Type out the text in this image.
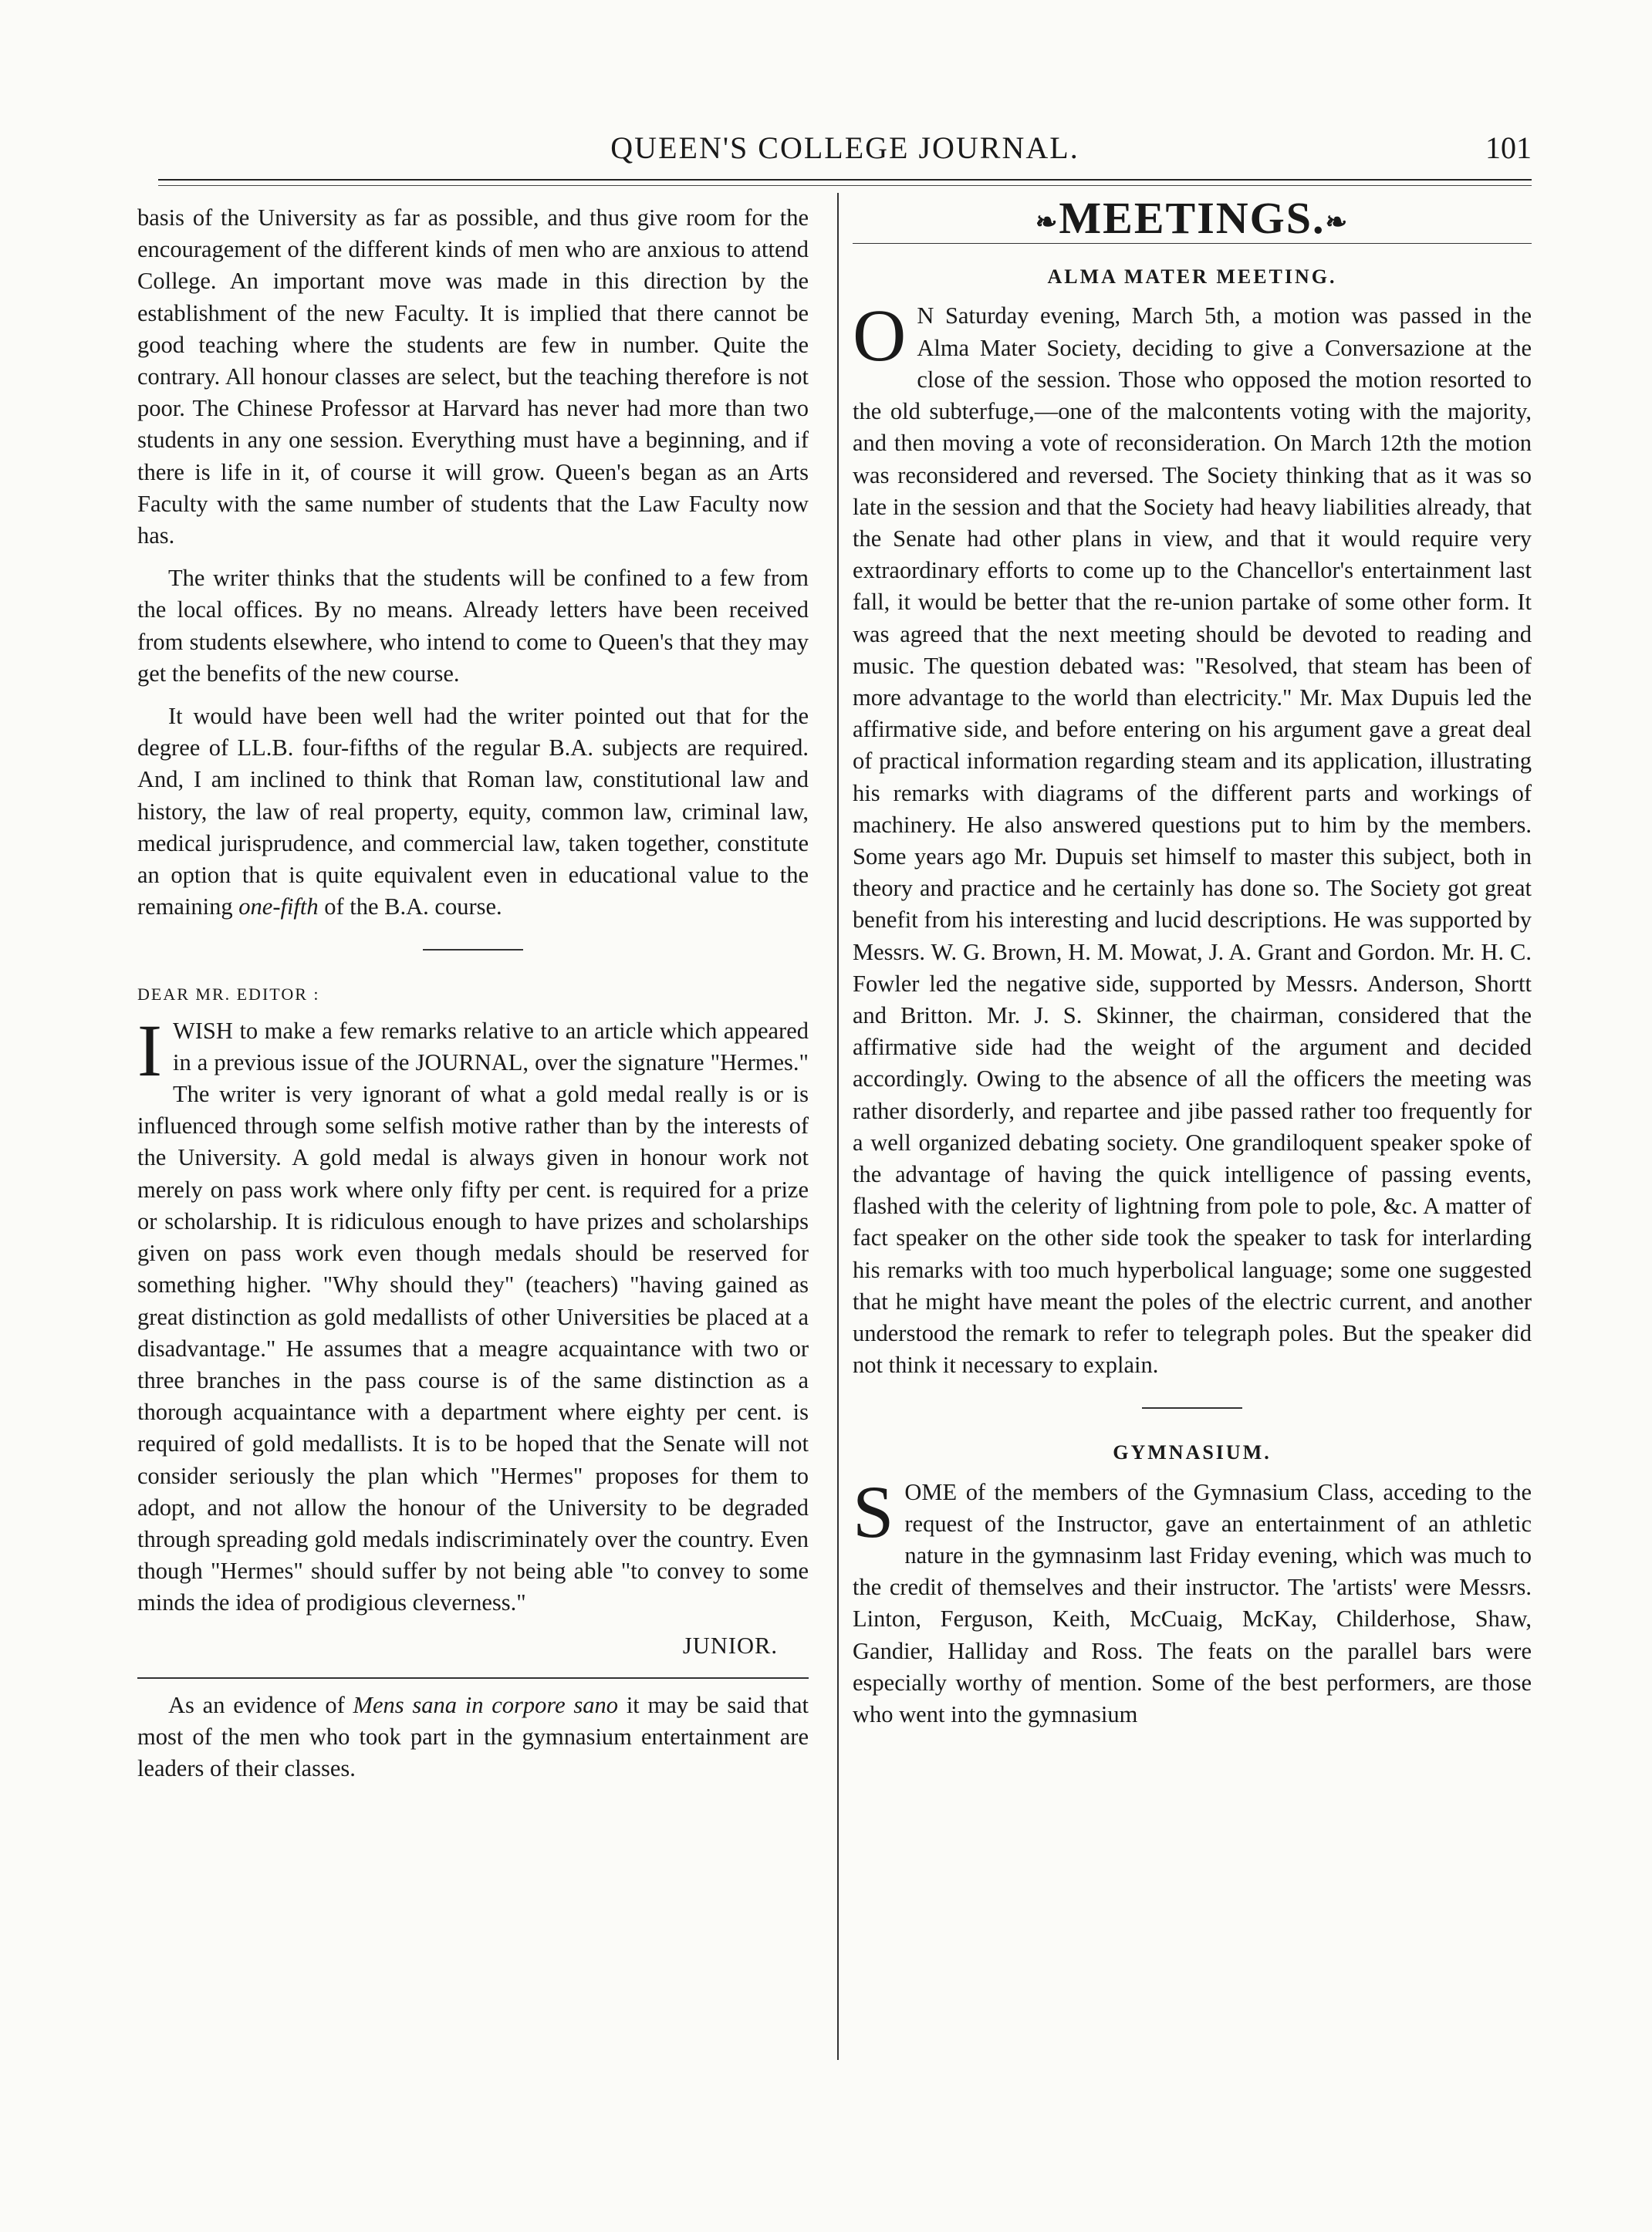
QUEEN'S COLLEGE JOURNAL.	101

basis of the University as far as possible, and thus give room for the encouragement of the different kinds of men who are anxious to attend College. An important move was made in this direction by the establishment of the new Faculty. It is implied that there cannot be good teaching where the students are few in number. Quite the contrary. All honour classes are select, but the teaching therefore is not poor. The Chinese Professor at Harvard has never had more than two students in any one session. Everything must have a beginning, and if there is life in it, of course it will grow. Queen's began as an Arts Faculty with the same number of students that the Law Faculty now has.

The writer thinks that the students will be confined to a few from the local offices. By no means. Already letters have been received from students elsewhere, who intend to come to Queen's that they may get the benefits of the new course.

It would have been well had the writer pointed out that for the degree of LL.B. four-fifths of the regular B.A. subjects are required. And, I am inclined to think that Roman law, constitutional law and history, the law of real property, equity, common law, criminal law, medical jurisprudence, and commercial law, taken together, constitute an option that is quite equivalent even in educational value to the remaining one-fifth of the B.A. course.

DEAR MR. EDITOR :

IWISH to make a few remarks relative to an article which appeared in a previous issue of the JOURNAL, over the signature "Hermes." The writer is very ignorant of what a gold medal really is or is influenced through some selfish motive rather than by the interests of the University. A gold medal is always given in honour work not merely on pass work where only fifty per cent. is required for a prize or scholarship. It is ridiculous enough to have prizes and scholarships given on pass work even though medals should be reserved for something higher. "Why should they" (teachers) "having gained as great distinction as gold medallists of other Universities be placed at a disadvantage." He assumes that a meagre acquaintance with two or three branches in the pass course is of the same distinction as a thorough acquaintance with a department where eighty per cent. is required of gold medallists. It is to be hoped that the Senate will not consider seriously the plan which "Hermes" proposes for them to adopt, and not allow the honour of the University to be degraded through spreading gold medals indiscriminately over the country. Even though "Hermes" should suffer by not being able "to convey to some minds the idea of prodigious cleverness."

JUNIOR.

As an evidence of Mens sana in corpore sano it may be said that most of the men who took part in the gymnasium entertainment are leaders of their classes.

❧MEETINGS.❧
ALMA MATER MEETING.

O N Saturday evening, March 5th, a motion was passed in the Alma Mater Society, deciding to give a Conversazione at the close of the session. Those who opposed the motion resorted to the old subterfuge,—one of the malcontents voting with the majority, and then moving a vote of reconsideration. On March 12th the motion was reconsidered and reversed. The Society thinking that as it was so late in the session and that the Society had heavy liabilities already, that the Senate had other plans in view, and that it would require very extraordinary efforts to come up to the Chancellor's entertainment last fall, it would be better that the re-union partake of some other form. It was agreed that the next meeting should be devoted to reading and music. The question debated was: "Resolved, that steam has been of more advantage to the world than electricity." Mr. Max Dupuis led the affirmative side, and before entering on his argument gave a great deal of practical information regarding steam and its application, illustrating his remarks with diagrams of the different parts and workings of machinery. He also answered questions put to him by the members. Some years ago Mr. Dupuis set himself to master this subject, both in theory and practice and he certainly has done so. The Society got great benefit from his interesting and lucid descriptions. He was supported by Messrs. W. G. Brown, H. M. Mowat, J. A. Grant and Gordon. Mr. H. C. Fowler led the negative side, supported by Messrs. Anderson, Shortt and Britton. Mr. J. S. Skinner, the chairman, considered that the affirmative side had the weight of the argument and decided accordingly. Owing to the absence of all the officers the meeting was rather disorderly, and repartee and jibe passed rather too frequently for a well organized debating society. One grandiloquent speaker spoke of the advantage of having the quick intelligence of passing events, flashed with the celerity of lightning from pole to pole, &c. A matter of fact speaker on the other side took the speaker to task for interlarding his remarks with too much hyperbolical language; some one suggested that he might have meant the poles of the electric current, and another understood the remark to refer to telegraph poles. But the speaker did not think it necessary to explain.

GYMNASIUM.

SOME of the members of the Gymnasium Class, acceding to the request of the Instructor, gave an entertainment of an athletic nature in the gymnasinm last Friday evening, which was much to the credit of themselves and their instructor. The 'artists' were Messrs. Linton, Ferguson, Keith, McCuaig, McKay, Childerhose, Shaw, Gandier, Halliday and Ross. The feats on the parallel bars were especially worthy of mention. Some of the best performers, are those who went into the gymnasium
